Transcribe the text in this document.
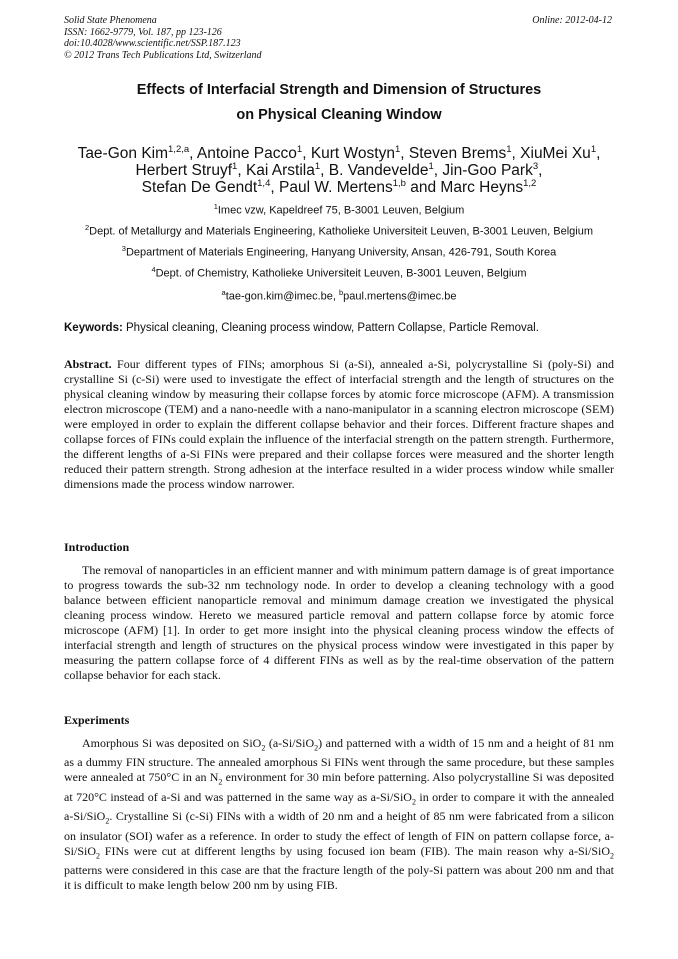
Solid State Phenomena
ISSN: 1662-9779, Vol. 187, pp 123-126
doi:10.4028/www.scientific.net/SSP.187.123
© 2012 Trans Tech Publications Ltd, Switzerland
Online: 2012-04-12
Effects of Interfacial Strength and Dimension of Structures
on Physical Cleaning Window
Tae-Gon Kim$^{1,2,a}$, Antoine Pacco$^1$, Kurt Wostyn$^1$, Steven Brems$^1$, XiuMei Xu$^1$,
Herbert Struyf$^1$, Kai Arstila$^1$, B. Vandevelde$^1$, Jin-Goo Park$^3$,
Stefan De Gendt$^{1,4}$, Paul W. Mertens$^{1,b}$ and Marc Heyns$^{1,2}$
$^1$Imec vzw, Kapeldreef 75, B-3001 Leuven, Belgium
$^2$Dept. of Metallurgy and Materials Engineering, Katholieke Universiteit Leuven, B-3001 Leuven, Belgium
$^3$Department of Materials Engineering, Hanyang University, Ansan, 426-791, South Korea
$^4$Dept. of Chemistry, Katholieke Universiteit Leuven, B-3001 Leuven, Belgium
$^a$tae-gon.kim@imec.be, $^b$paul.mertens@imec.be
Keywords: Physical cleaning, Cleaning process window, Pattern Collapse, Particle Removal.
Abstract. Four different types of FINs; amorphous Si (a-Si), annealed a-Si, polycrystalline Si (poly-Si) and crystalline Si (c-Si) were used to investigate the effect of interfacial strength and the length of structures on the physical cleaning window by measuring their collapse forces by atomic force microscope (AFM). A transmission electron microscope (TEM) and a nano-needle with a nano-manipulator in a scanning electron microscope (SEM) were employed in order to explain the different collapse behavior and their forces. Different fracture shapes and collapse forces of FINs could explain the influence of the interfacial strength on the pattern strength. Furthermore, the different lengths of a-Si FINs were prepared and their collapse forces were measured and the shorter length reduced their pattern strength. Strong adhesion at the interface resulted in a wider process window while smaller dimensions made the process window narrower.
Introduction
The removal of nanoparticles in an efficient manner and with minimum pattern damage is of great importance to progress towards the sub-32 nm technology node. In order to develop a cleaning technology with a good balance between efficient nanoparticle removal and minimum damage creation we investigated the physical cleaning process window. Hereto we measured particle removal and pattern collapse force by atomic force microscope (AFM) [1]. In order to get more insight into the physical cleaning process window the effects of interfacial strength and length of structures on the physical process window were investigated in this paper by measuring the pattern collapse force of 4 different FINs as well as by the real-time observation of the pattern collapse behavior for each stack.
Experiments
Amorphous Si was deposited on SiO$_2$ (a-Si/SiO$_2$) and patterned with a width of 15 nm and a height of 81 nm as a dummy FIN structure. The annealed amorphous Si FINs went through the same procedure, but these samples were annealed at 750°C in an $N_2$ environment for 30 min before patterning. Also polycrystalline Si was deposited at 720°C instead of a-Si and was patterned in the same way as a-Si/SiO$_2$ in order to compare it with the annealed a-Si/SiO$_2$. Crystalline Si (c-Si) FINs with a width of 20 nm and a height of 85 nm were fabricated from a silicon on insulator (SOI) wafer as a reference. In order to study the effect of length of FIN on pattern collapse force, a-Si/SiO$_2$ FINs were cut at different lengths by using focused ion beam (FIB). The main reason why a-Si/SiO$_2$ patterns were considered in this case are that the fracture length of the poly-Si pattern was about 200 nm and that it is difficult to make length below 200 nm by using FIB.
